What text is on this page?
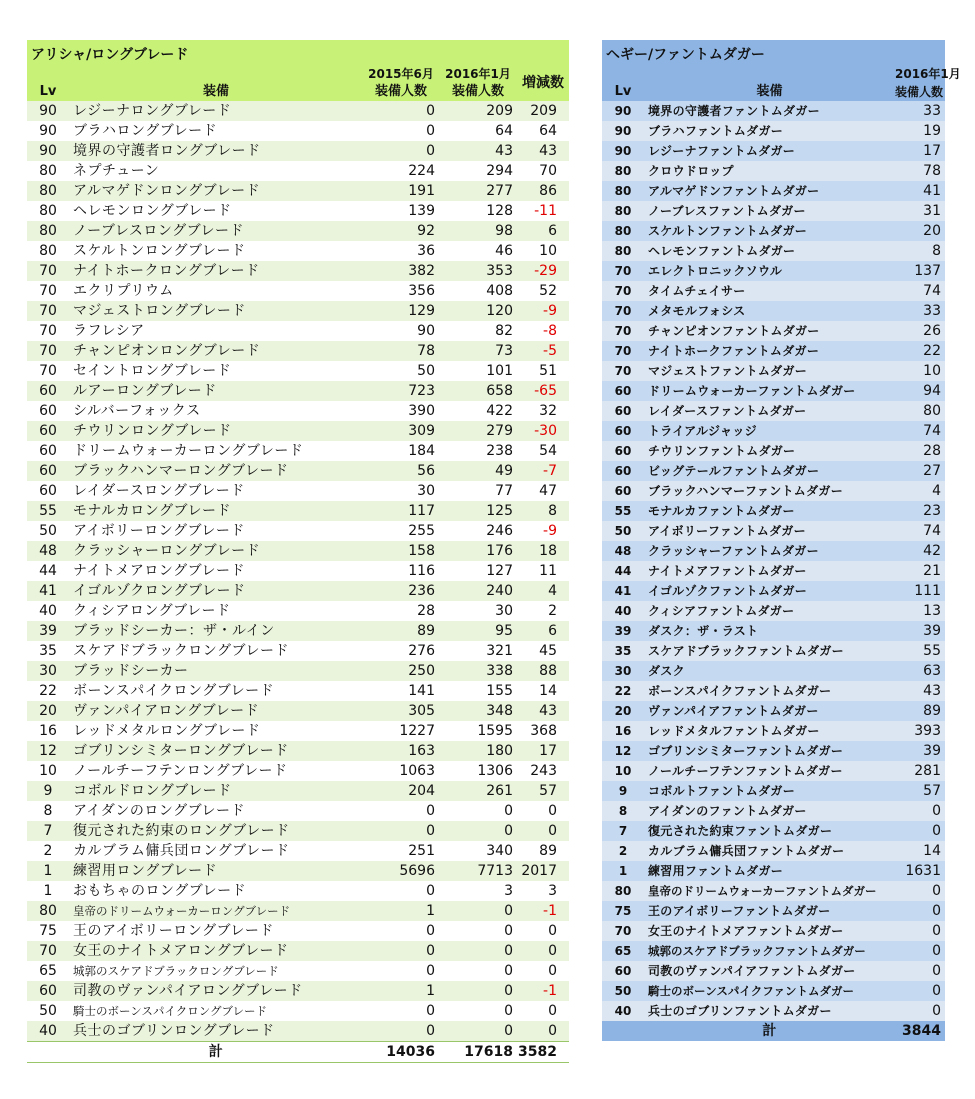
アリシャ/ロングブレード				
		2015年6月	2016年1月	増減数
Lv	装備	装備人数	装備人数	
90	レジーナロングブレード	0	209	209
90	ブラハロングブレード	0	64	64
90	境界の守護者ロングブレード	0	43	43
80	ネプチューン	224	294	70
80	アルマゲドンロングブレード	191	277	86
80	ヘレモンロングブレード	139	128	-11
80	ノーブレスロングブレード	92	98	6
80	スケルトンロングブレード	36	46	10
70	ナイトホークロングブレード	382	353	-29
70	エクリプリウム	356	408	52
70	マジェストロングブレード	129	120	-9
70	ラフレシア	90	82	-8
70	チャンピオンロングブレード	78	73	-5
70	セイントロングブレード	50	101	51
60	ルアーロングブレード	723	658	-65
60	シルバーフォックス	390	422	32
60	チウリンロングブレード	309	279	-30
60	ドリームウォーカーロングブレード	184	238	54
60	ブラックハンマーロングブレード	56	49	-7
60	レイダースロングブレード	30	77	47
55	モナルカロングブレード	117	125	8
50	アイボリーロングブレード	255	246	-9
48	クラッシャーロングブレード	158	176	18
44	ナイトメアロングブレード	116	127	11
41	イゴルゾクロングブレード	236	240	4
40	クィシアロングブレード	28	30	2
39	ブラッドシーカー：ザ・ルイン	89	95	6
35	スケアドブラックロングブレード	276	321	45
30	ブラッドシーカー	250	338	88
22	ボーンスパイクロングブレード	141	155	14
20	ヴァンパイアロングブレード	305	348	43
16	レッドメタルロングブレード	1227	1595	368
12	ゴブリンシミターロングブレード	163	180	17
10	ノールチーフテンロングブレード	1063	1306	243
9	コボルドロングブレード	204	261	57
8	アイダンのロングブレード	0	0	0
7	復元された約束のロングブレード	0	0	0
2	カルブラム傭兵団ロングブレード	251	340	89
1	練習用ロングブレード	5696	7713	2017
1	おもちゃのロングブレード	0	3	3
80	皇帝のドリームウォーカーロングブレード	1	0	-1
75	王のアイボリーロングブレード	0	0	0
70	女王のナイトメアロングブレード	0	0	0
65	城郭のスケアドブラックロングブレード	0	0	0
60	司教のヴァンパイアロングブレード	1	0	-1
50	騎士のボーンスパイクロングブレード	0	0	0
40	兵士のゴブリンロングブレード	0	0	0
	計	14036	17618	3582
ヘギー/ファントムダガー		
		2016年1月
Lv	装備	装備人数
90	境界の守護者ファントムダガー	33
90	ブラハファントムダガー	19
90	レジーナファントムダガー	17
80	クロウドロップ	78
80	アルマゲドンファントムダガー	41
80	ノーブレスファントムダガー	31
80	スケルトンファントムダガー	20
80	ヘレモンファントムダガー	8
70	エレクトロニックソウル	137
70	タイムチェイサー	74
70	メタモルフォシス	33
70	チャンピオンファントムダガー	26
70	ナイトホークファントムダガー	22
70	マジェストファントムダガー	10
60	ドリームウォーカーファントムダガー	94
60	レイダースファントムダガー	80
60	トライアルジャッジ	74
60	チウリンファントムダガー	28
60	ビッグテールファントムダガー	27
60	ブラックハンマーファントムダガー	4
55	モナルカファントムダガー	23
50	アイボリーファントムダガー	74
48	クラッシャーファントムダガー	42
44	ナイトメアファントムダガー	21
41	イゴルゾクファントムダガー	111
40	クィシアファントムダガー	13
39	ダスク：ザ・ラスト	39
35	スケアドブラックファントムダガー	55
30	ダスク	63
22	ボーンスパイクファントムダガー	43
20	ヴァンパイアファントムダガー	89
16	レッドメタルファントムダガー	393
12	ゴブリンシミターファントムダガー	39
10	ノールチーフテンファントムダガー	281
9	コボルトファントムダガー	57
8	アイダンのファントムダガー	0
7	復元された約束ファントムダガー	0
2	カルブラム傭兵団ファントムダガー	14
1	練習用ファントムダガー	1631
80	皇帝のドリームウォーカーファントムダガー	0
75	王のアイボリーファントムダガー	0
70	女王のナイトメアファントムダガー	0
65	城郭のスケアドブラックファントムダガー	0
60	司教のヴァンパイアファントムダガー	0
50	騎士のボーンスパイクファントムダガー	0
40	兵士のゴブリンファントムダガー	0
	計	3844
